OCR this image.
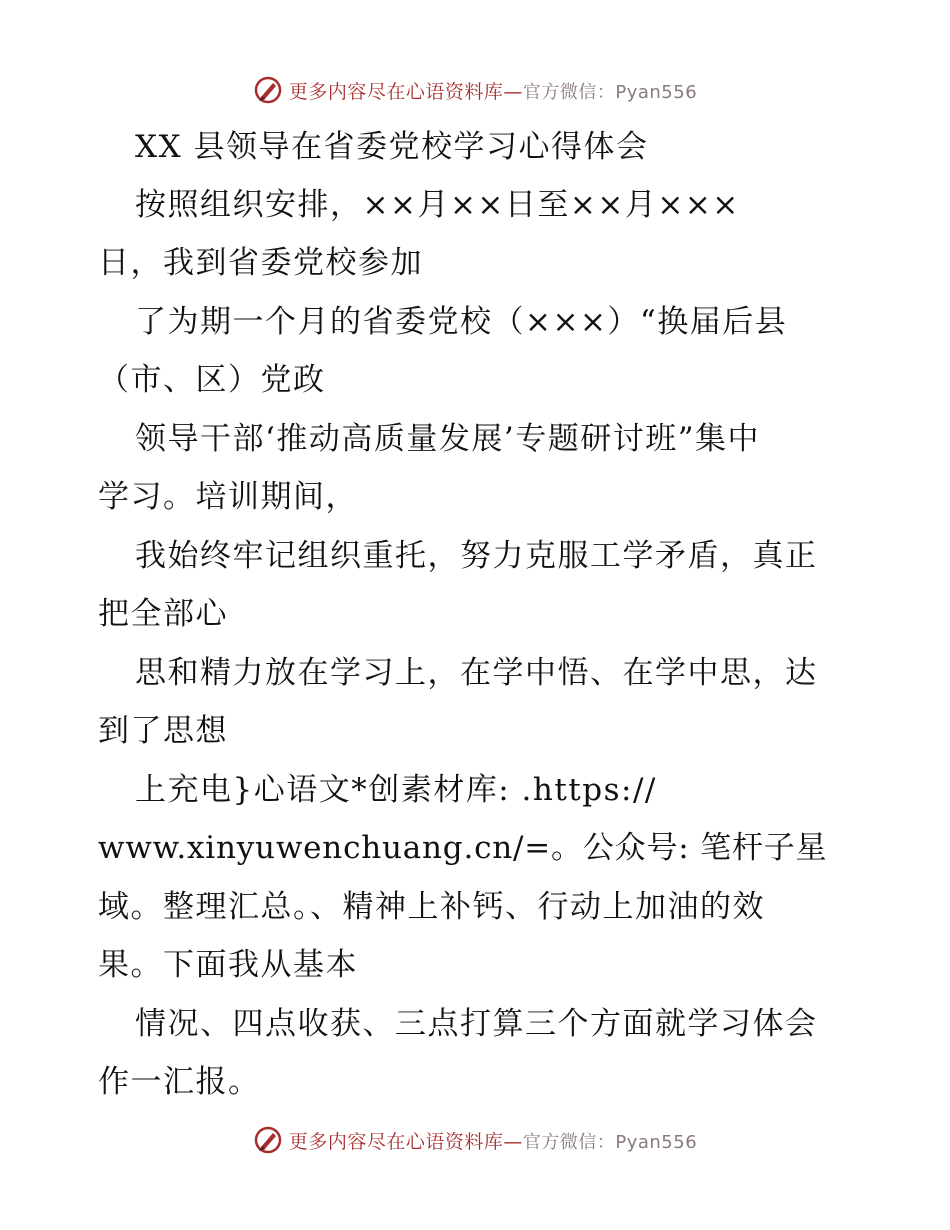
更多内容尽在心语资料库—官方微信：Pyan556
XX 县领导在省委党校学习心得体会
按照组织安排，××月××日至××月×××
日，我到省委党校参加
了为期一个月的省委党校（×××）“换届后县
（市、区）党政
领导干部‘推动高质量发展’专题研讨班”集中
学习。培训期间，
我始终牢记组织重托，努力克服工学矛盾，真正
把全部心
思和精力放在学习上，在学中悟、在学中思，达
到了思想
上充电}心语文*创素材库: .https://
www.xinyuwenchuang.cn/=。公众号: 笔杆子星
域。整理汇总。、精神上补钙、行动上加油的效
果。下面我从基本
情况、四点收获、三点打算三个方面就学习体会
作一汇报。
更多内容尽在心语资料库—官方微信：Pyan556
